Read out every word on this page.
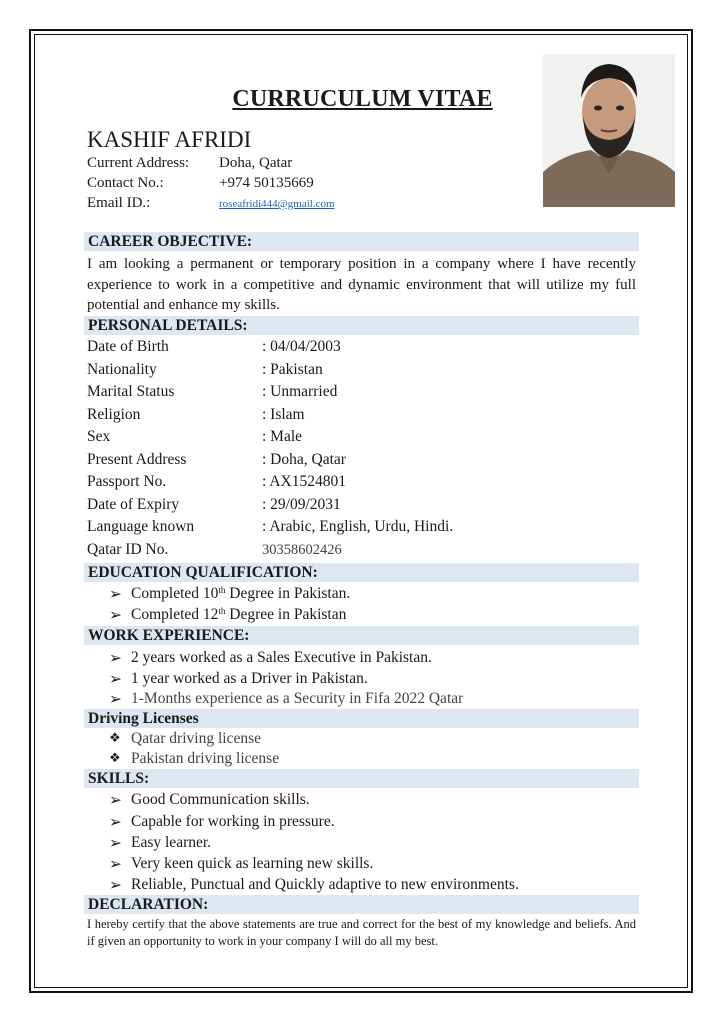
CURRUCULUM VITAE
KASHIF AFRIDI
Current Address: Doha, Qatar
Contact No.:	+974 50135669
Email ID.:	roseafridi444@gmail.com
CAREER OBJECTIVE:
I am looking a permanent or temporary position in a company where I have recently experience to work in a competitive and dynamic environment that will utilize my full potential and enhance my skills.
PERSONAL DETAILS:
Date of Birth	: 04/04/2003
Nationality	: Pakistan
Marital Status	: Unmarried
Religion	: Islam
Sex	: Male
Present Address	: Doha, Qatar
Passport No.	: AX1524801
Date of Expiry	: 29/09/2031
Language known	: Arabic, English, Urdu, Hindi.
Qatar ID No.	30358602426
EDUCATION QUALIFICATION:
➢ Completed 10th Degree in Pakistan.
➢ Completed 12th Degree in Pakistan
WORK EXPERIENCE:
➢ 2 years worked as a Sales Executive in Pakistan.
➢ 1 year worked as a Driver in Pakistan.
➢ 1-Months experience as a Security in Fifa 2022 Qatar
Driving Licenses
❖ Qatar driving license
❖ Pakistan driving license
SKILLS:
➢ Good Communication skills.
➢ Capable for working in pressure.
➢ Easy learner.
➢ Very keen quick as learning new skills.
➢ Reliable, Punctual and Quickly adaptive to new environments.
DECLARATION:
I hereby certify that the above statements are true and correct for the best of my knowledge and beliefs. And if given an opportunity to work in your company I will do all my best.
